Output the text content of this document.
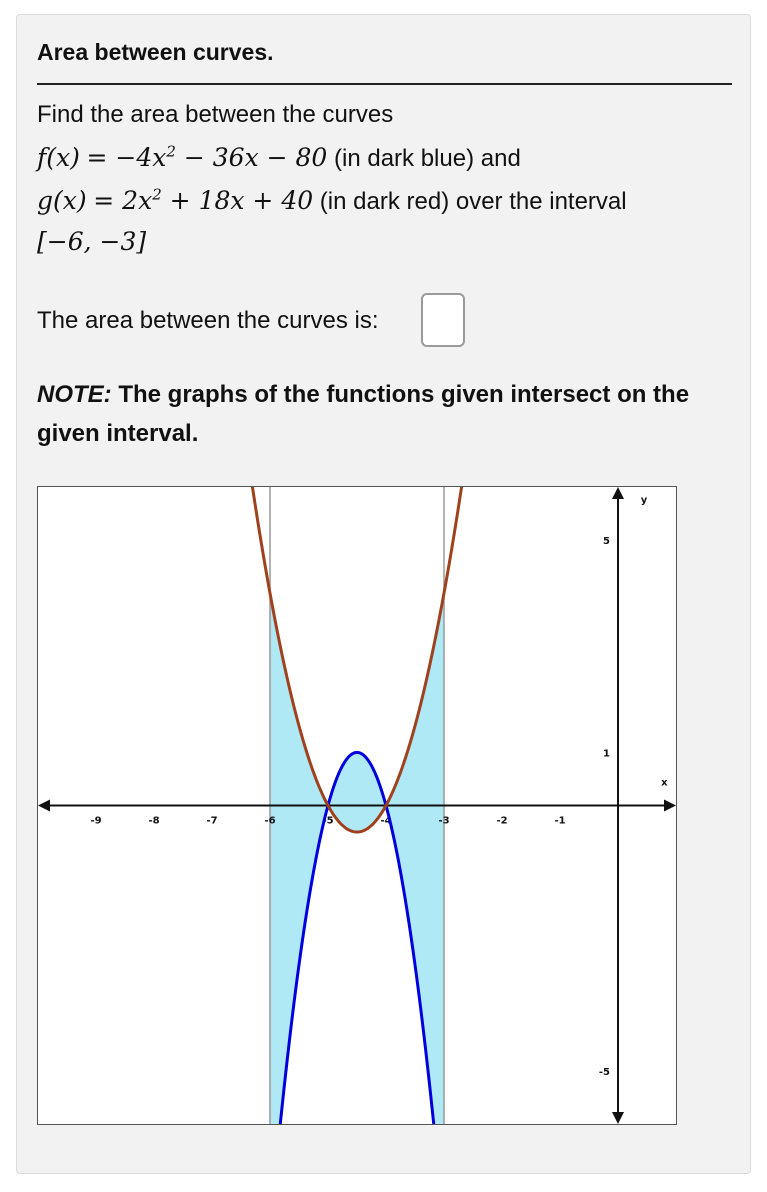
Area between curves.
Find the area between the curves
$f(x) = -4x^2 - 36x - 80$ (in dark blue) and
$g(x) = 2x^2 + 18x + 40$ (in dark red) over the interval
[−6, −3]
The area between the curves is:
NOTE: The graphs of the functions given intersect on the given interval.
-9	-8	-7	-6	-5	-4	-3	-2	-1
5
1
-5
x
y
